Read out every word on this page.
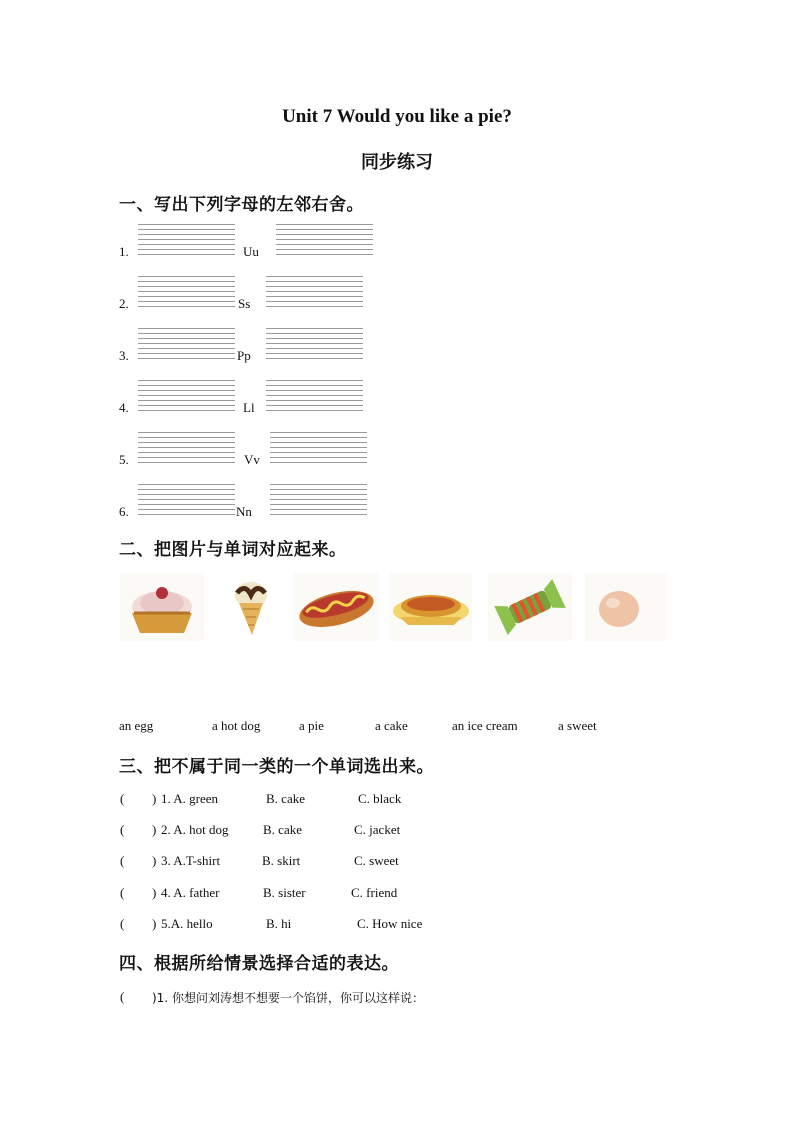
Unit 7 Would you like a pie?
同步练习
一、写出下列字母的左邻右舍。
1.	Uu
2.	Ss
3.	Pp
4.	Ll
5.	Vv
6.	Nn
二、把图片与单词对应起来。
an egg	a hot dog	a pie	a cake	an ice cream	a sweet
三、把不属于同一类的一个单词选出来。
( ) 1. A. green	B. cake	C. black
( ) 2. A. hot dog	B. cake	C. jacket
( ) 3. A.T-shirt	B. skirt	C. sweet
( ) 4. A. father	B. sister	C. friend
( ) 5.A. hello	B. hi	C. How nice
四、根据所给情景选择合适的表达。
( )1. 你想问刘涛想不想要一个馅饼，你可以这样说：
